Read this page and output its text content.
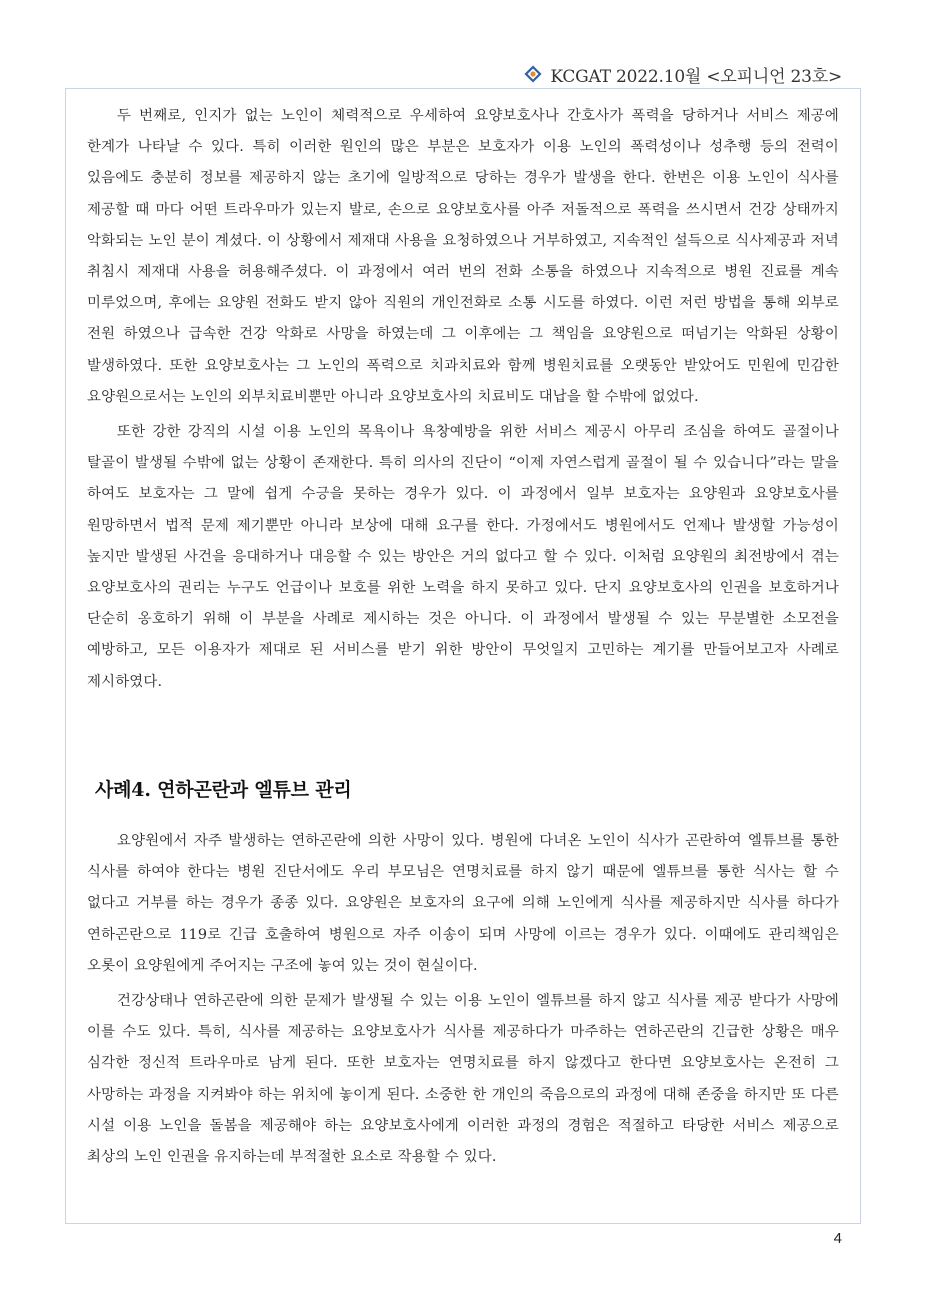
KCGAT 2022.10월 <오피니언 23호>

두 번째로, 인지가 없는 노인이 체력적으로 우세하여 요양보호사나 간호사가 폭력을 당하거나 서비스 제공에 한계가 나타날 수 있다. 특히 이러한 원인의 많은 부분은 보호자가 이용 노인의 폭력성이나 성추행 등의 전력이 있음에도 충분히 정보를 제공하지 않는 초기에 일방적으로 당하는 경우가 발생을 한다. 한번은 이용 노인이 식사를 제공할 때 마다 어떤 트라우마가 있는지 발로, 손으로 요양보호사를 아주 저돌적으로 폭력을 쓰시면서 건강 상태까지 악화되는 노인 분이 계셨다. 이 상황에서 제재대 사용을 요청하였으나 거부하였고, 지속적인 설득으로 식사제공과 저녁 취침시 제재대 사용을 허용해주셨다. 이 과정에서 여러 번의 전화 소통을 하였으나 지속적으로 병원 진료를 계속 미루었으며, 후에는 요양원 전화도 받지 않아 직원의 개인전화로 소통 시도를 하였다. 이런 저런 방법을 통해 외부로 전원 하였으나 급속한 건강 악화로 사망을 하였는데 그 이후에는 그 책임을 요양원으로 떠넘기는 악화된 상황이 발생하였다. 또한 요양보호사는 그 노인의 폭력으로 치과치료와 함께 병원치료를 오랫동안 받았어도 민원에 민감한 요양원으로서는 노인의 외부치료비뿐만 아니라 요양보호사의 치료비도 대납을 할 수밖에 없었다.

또한 강한 강직의 시설 이용 노인의 목욕이나 욕창예방을 위한 서비스 제공시 아무리 조심을 하여도 골절이나 탈골이 발생될 수밖에 없는 상황이 존재한다. 특히 의사의 진단이 “이제 자연스럽게 골절이 될 수 있습니다”라는 말을 하여도 보호자는 그 말에 쉽게 수긍을 못하는 경우가 있다. 이 과정에서 일부 보호자는 요양원과 요양보호사를 원망하면서 법적 문제 제기뿐만 아니라 보상에 대해 요구를 한다. 가정에서도 병원에서도 언제나 발생할 가능성이 높지만 발생된 사건을 응대하거나 대응할 수 있는 방안은 거의 없다고 할 수 있다. 이처럼 요양원의 최전방에서 겪는 요양보호사의 권리는 누구도 언급이나 보호를 위한 노력을 하지 못하고 있다. 단지 요양보호사의 인권을 보호하거나 단순히 옹호하기 위해 이 부분을 사례로 제시하는 것은 아니다. 이 과정에서 발생될 수 있는 무분별한 소모전을 예방하고, 모든 이용자가 제대로 된 서비스를 받기 위한 방안이 무엇일지 고민하는 계기를 만들어보고자 사례로 제시하였다.

사례4. 연하곤란과 엘튜브 관리

요양원에서 자주 발생하는 연하곤란에 의한 사망이 있다. 병원에 다녀온 노인이 식사가 곤란하여 엘튜브를 통한 식사를 하여야 한다는 병원 진단서에도 우리 부모님은 연명치료를 하지 않기 때문에 엘튜브를 통한 식사는 할 수 없다고 거부를 하는 경우가 종종 있다. 요양원은 보호자의 요구에 의해 노인에게 식사를 제공하지만 식사를 하다가 연하곤란으로 119로 긴급 호출하여 병원으로 자주 이송이 되며 사망에 이르는 경우가 있다. 이때에도 관리책임은 오롯이 요양원에게 주어지는 구조에 놓여 있는 것이 현실이다.

건강상태나 연하곤란에 의한 문제가 발생될 수 있는 이용 노인이 엘튜브를 하지 않고 식사를 제공 받다가 사망에 이를 수도 있다. 특히, 식사를 제공하는 요양보호사가 식사를 제공하다가 마주하는 연하곤란의 긴급한 상황은 매우 심각한 정신적 트라우마로 남게 된다. 또한 보호자는 연명치료를 하지 않겠다고 한다면 요양보호사는 온전히 그 사망하는 과정을 지켜봐야 하는 위치에 놓이게 된다. 소중한 한 개인의 죽음으로의 과정에 대해 존중을 하지만 또 다른 시설 이용 노인을 돌봄을 제공해야 하는 요양보호사에게 이러한 과정의 경험은 적절하고 타당한 서비스 제공으로 최상의 노인 인권을 유지하는데 부적절한 요소로 작용할 수 있다.

4
